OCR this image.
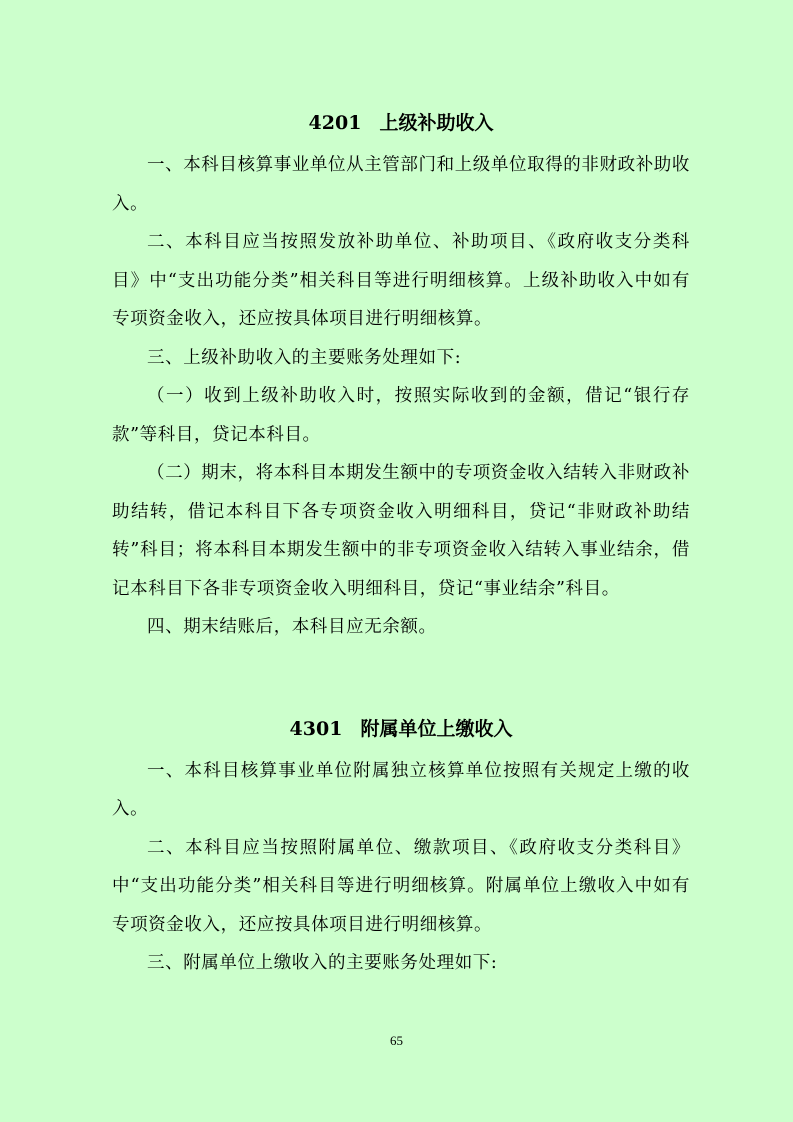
4201 上级补助收入

一、本科目核算事业单位从主管部门和上级单位取得的非财政补助收入。

二、本科目应当按照发放补助单位、补助项目、《政府收支分类科目》中“支出功能分类”相关科目等进行明细核算。上级补助收入中如有专项资金收入，还应按具体项目进行明细核算。

三、上级补助收入的主要账务处理如下:

（一）收到上级补助收入时，按照实际收到的金额，借记“银行存款”等科目，贷记本科目。

（二）期末，将本科目本期发生额中的专项资金收入结转入非财政补助结转，借记本科目下各专项资金收入明细科目，贷记“非财政补助结转”科目；将本科目本期发生额中的非专项资金收入结转入事业结余，借记本科目下各非专项资金收入明细科目，贷记“事业结余”科目。

四、期末结账后，本科目应无余额。

4301 附属单位上缴收入

一、本科目核算事业单位附属独立核算单位按照有关规定上缴的收入。

二、本科目应当按照附属单位、缴款项目、《政府收支分类科目》中“支出功能分类”相关科目等进行明细核算。附属单位上缴收入中如有专项资金收入，还应按具体项目进行明细核算。

三、附属单位上缴收入的主要账务处理如下:

65
